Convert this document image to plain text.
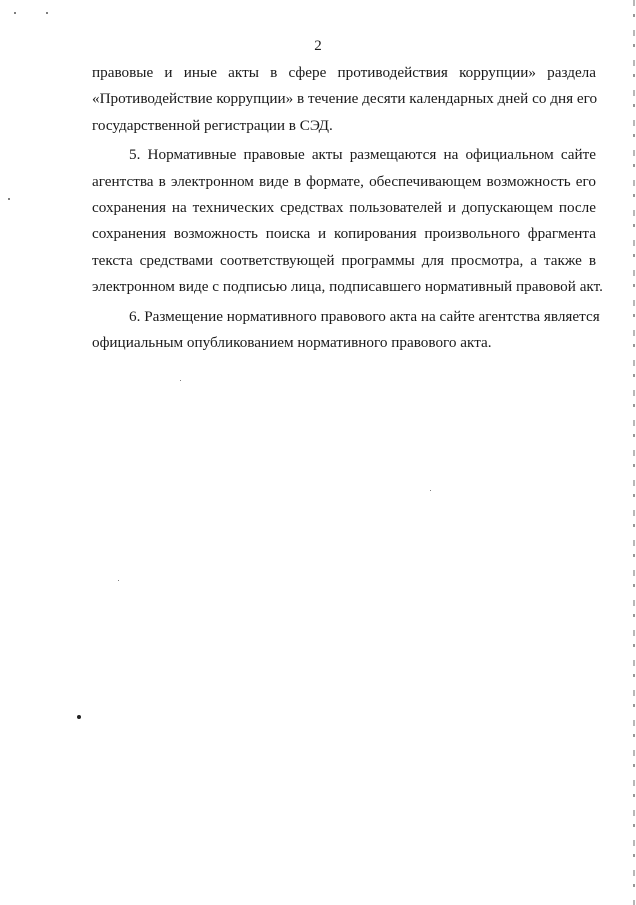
2
правовые и иные акты в сфере противодействия коррупции» раздела
«Противодействие коррупции» в течение десяти календарных дней со дня его
государственной регистрации в СЭД.
5. Нормативные правовые акты размещаются на официальном сайте
агентства в электронном виде в формате, обеспечивающем возможность его
сохранения на технических средствах пользователей и допускающем после
сохранения возможность поиска и копирования произвольного фрагмента
текста средствами соответствующей программы для просмотра, а также в
электронном виде с подписью лица, подписавшего нормативный правовой акт.
6. Размещение нормативного правового акта на сайте агентства является
официальным опубликованием нормативного правового акта.
